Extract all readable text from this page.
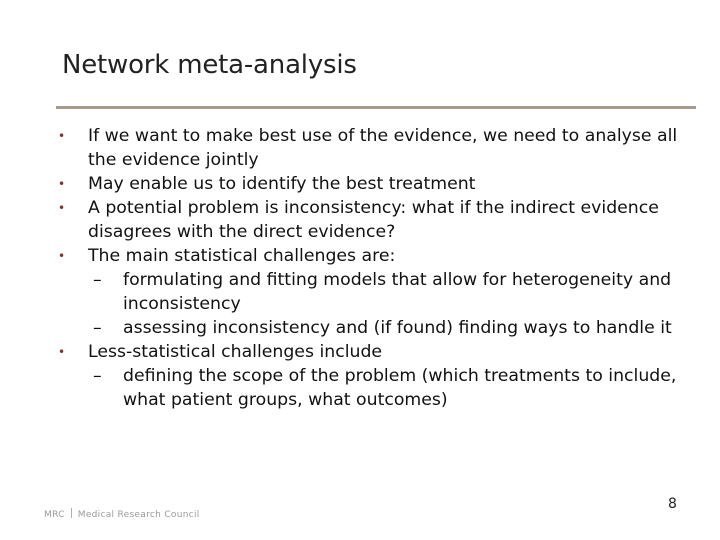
Network meta-analysis
•	If we want to make best use of the evidence, we need to analyse all the evidence jointly
•	May enable us to identify the best treatment
•	A potential problem is inconsistency: what if the indirect evidence disagrees with the direct evidence?
•	The main statistical challenges are:
–	formulating and fitting models that allow for heterogeneity and inconsistency
–	assessing inconsistency and (if found) finding ways to handle it
•	Less-statistical challenges include
–	defining the scope of the problem (which treatments to include, what patient groups, what outcomes)
MRC Medical Research Council
8
